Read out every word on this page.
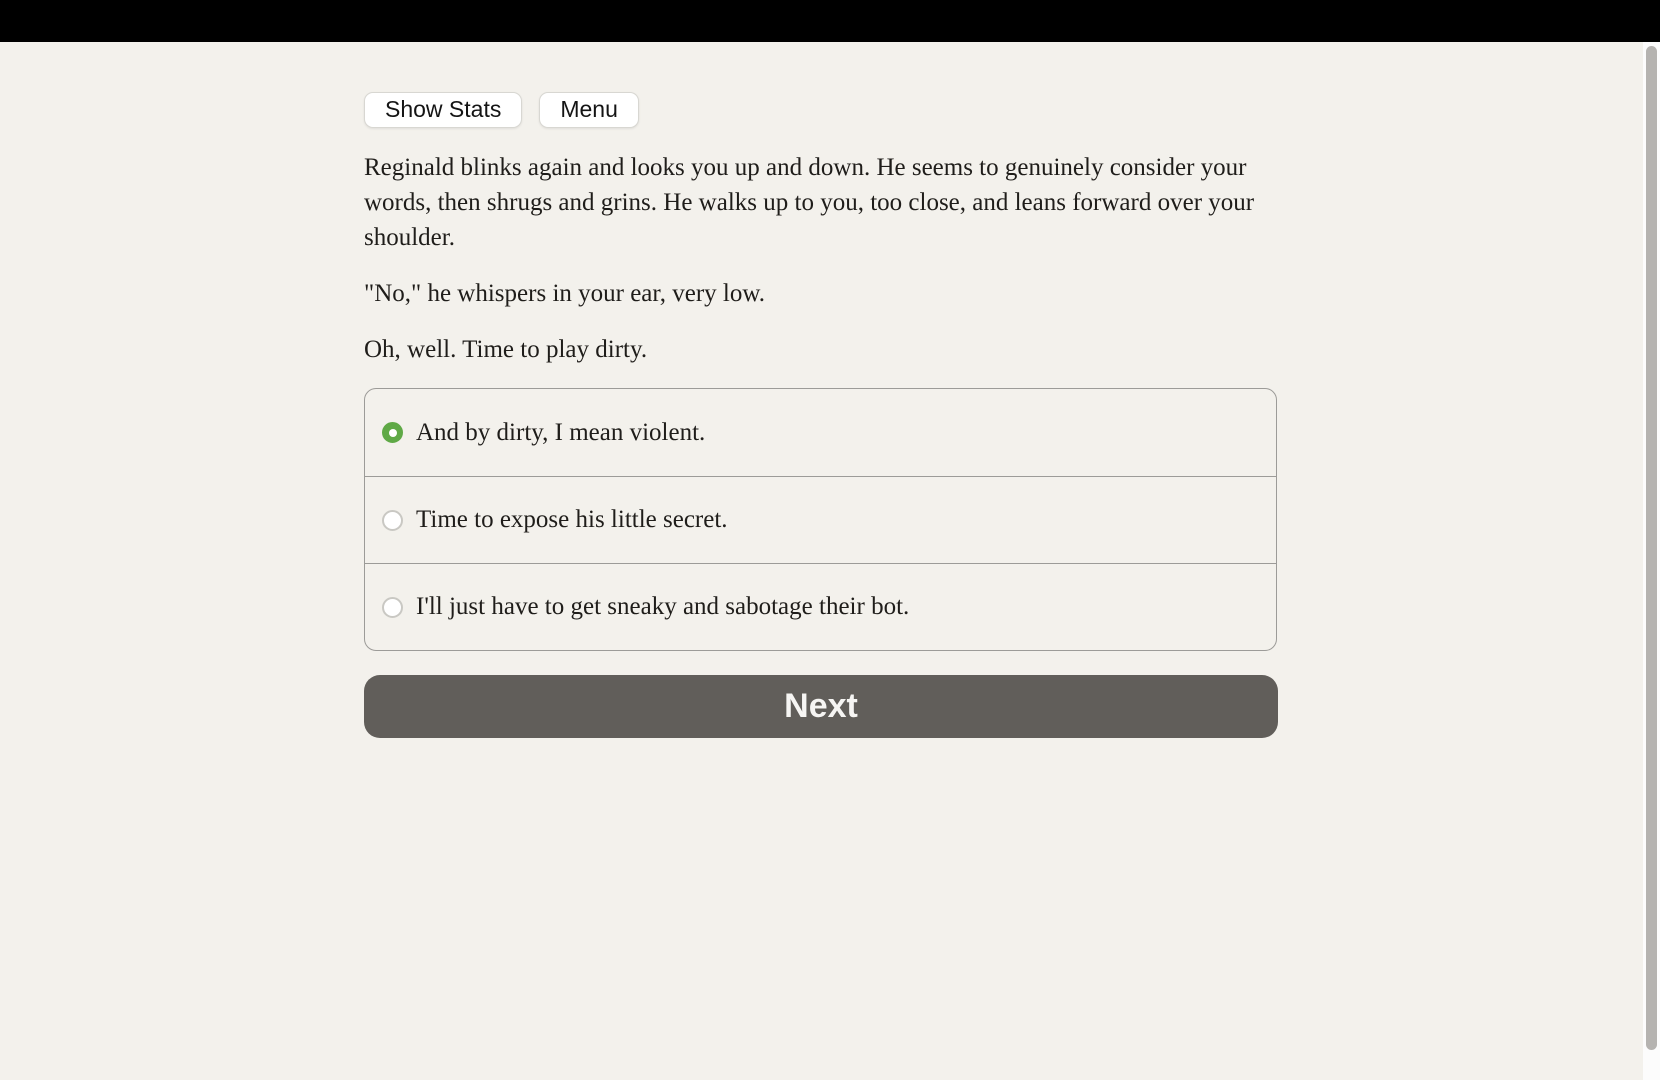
Show Stats	Menu

Reginald blinks again and looks you up and down. He seems to genuinely consider your words, then shrugs and grins. He walks up to you, too close, and leans forward over your shoulder.

"No," he whispers in your ear, very low.

Oh, well. Time to play dirty.

And by dirty, I mean violent.
Time to expose his little secret.
I'll just have to get sneaky and sabotage their bot.
Next
